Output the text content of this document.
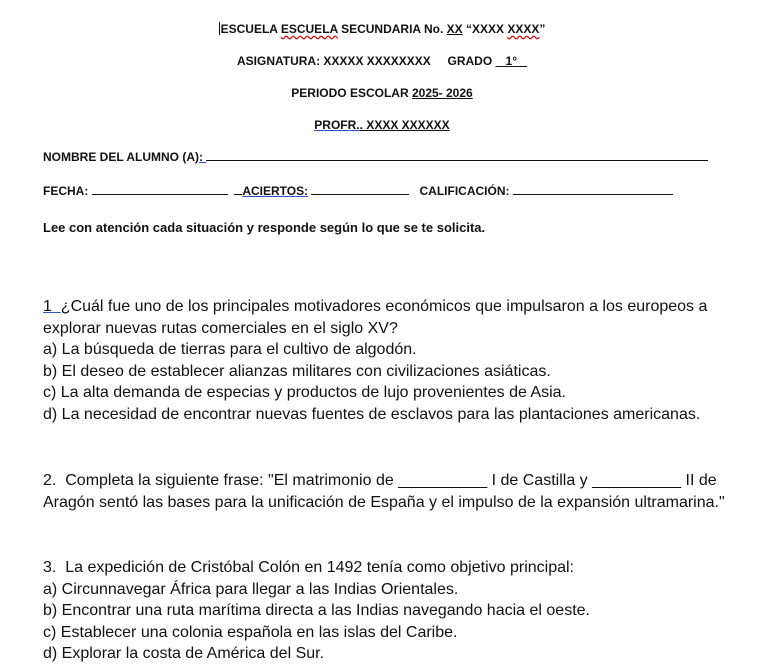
ESCUELA ESCUELA SECUNDARIA No. XX “XXXX XXXX”
ASIGNATURA: XXXXX XXXXXXXX GRADO 1°
PERIODO ESCOLAR 2025- 2026
PROFR.. XXXX XXXXXX
NOMBRE DEL ALUMNO (A):
FECHA:	ACIERTOS:	CALIFICACIÓN:
Lee con atención cada situación y responde según lo que se te solicita.

1 ¿Cuál fue uno de los principales motivadores económicos que impulsaron a los europeos a explorar nuevas rutas comerciales en el siglo XV?

a) La búsqueda de tierras para el cultivo de algodón.

b) El deseo de establecer alianzas militares con civilizaciones asiáticas.

c) La alta demanda de especias y productos de lujo provenientes de Asia.

d) La necesidad de encontrar nuevas fuentes de esclavos para las plantaciones americanas.

2. Completa la siguiente frase: "El matrimonio de __________ I de Castilla y __________ II de Aragón sentó las bases para la unificación de España y el impulso de la expansión ultramarina."

3. La expedición de Cristóbal Colón en 1492 tenía como objetivo principal:

a) Circunnavegar África para llegar a las Indias Orientales.

b) Encontrar una ruta marítima directa a las Indias navegando hacia el oeste.

c) Establecer una colonia española en las islas del Caribe.

d) Explorar la costa de América del Sur.
